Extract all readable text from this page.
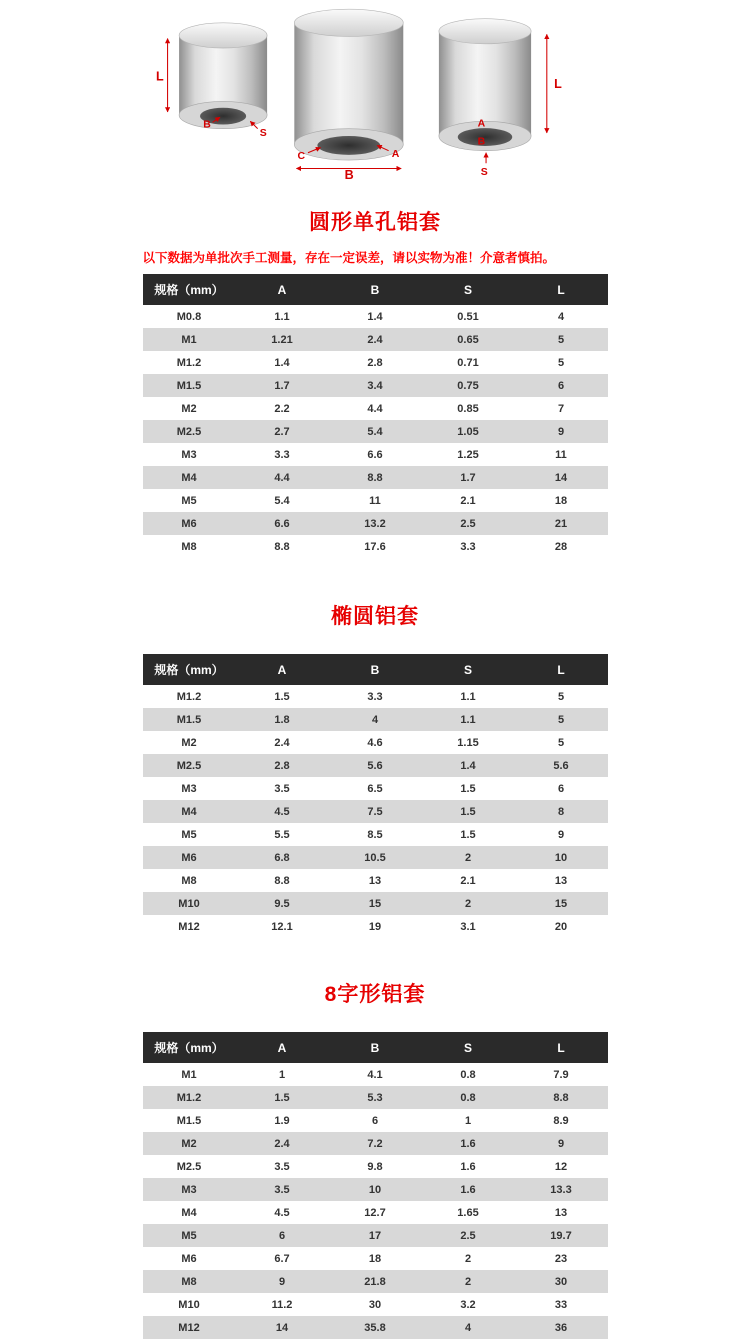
L
B
S
C	A
B
A
B
S
L
圆形单孔铝套

以下数据为单批次手工测量，存在一定误差，请以实物为准！介意者慎拍。

规格（mm）	A	B	S	L
M0.8	1.1	1.4	0.51	4
M1	1.21	2.4	0.65	5
M1.2	1.4	2.8	0.71	5
M1.5	1.7	3.4	0.75	6
M2	2.2	4.4	0.85	7
M2.5	2.7	5.4	1.05	9
M3	3.3	6.6	1.25	11
M4	4.4	8.8	1.7	14
M5	5.4	11	2.1	18
M6	6.6	13.2	2.5	21
M8	8.8	17.6	3.3	28
椭圆铝套
规格（mm）	A	B	S	L
M1.2	1.5	3.3	1.1	5
M1.5	1.8	4	1.1	5
M2	2.4	4.6	1.15	5
M2.5	2.8	5.6	1.4	5.6
M3	3.5	6.5	1.5	6
M4	4.5	7.5	1.5	8
M5	5.5	8.5	1.5	9
M6	6.8	10.5	2	10
M8	8.8	13	2.1	13
M10	9.5	15	2	15
M12	12.1	19	3.1	20
8字形铝套
规格（mm）	A	B	S	L
M1	1	4.1	0.8	7.9
M1.2	1.5	5.3	0.8	8.8
M1.5	1.9	6	1	8.9
M2	2.4	7.2	1.6	9
M2.5	3.5	9.8	1.6	12
M3	3.5	10	1.6	13.3
M4	4.5	12.7	1.65	13
M5	6	17	2.5	19.7
M6	6.7	18	2	23
M8	9	21.8	2	30
M10	11.2	30	3.2	33
M12	14	35.8	4	36
